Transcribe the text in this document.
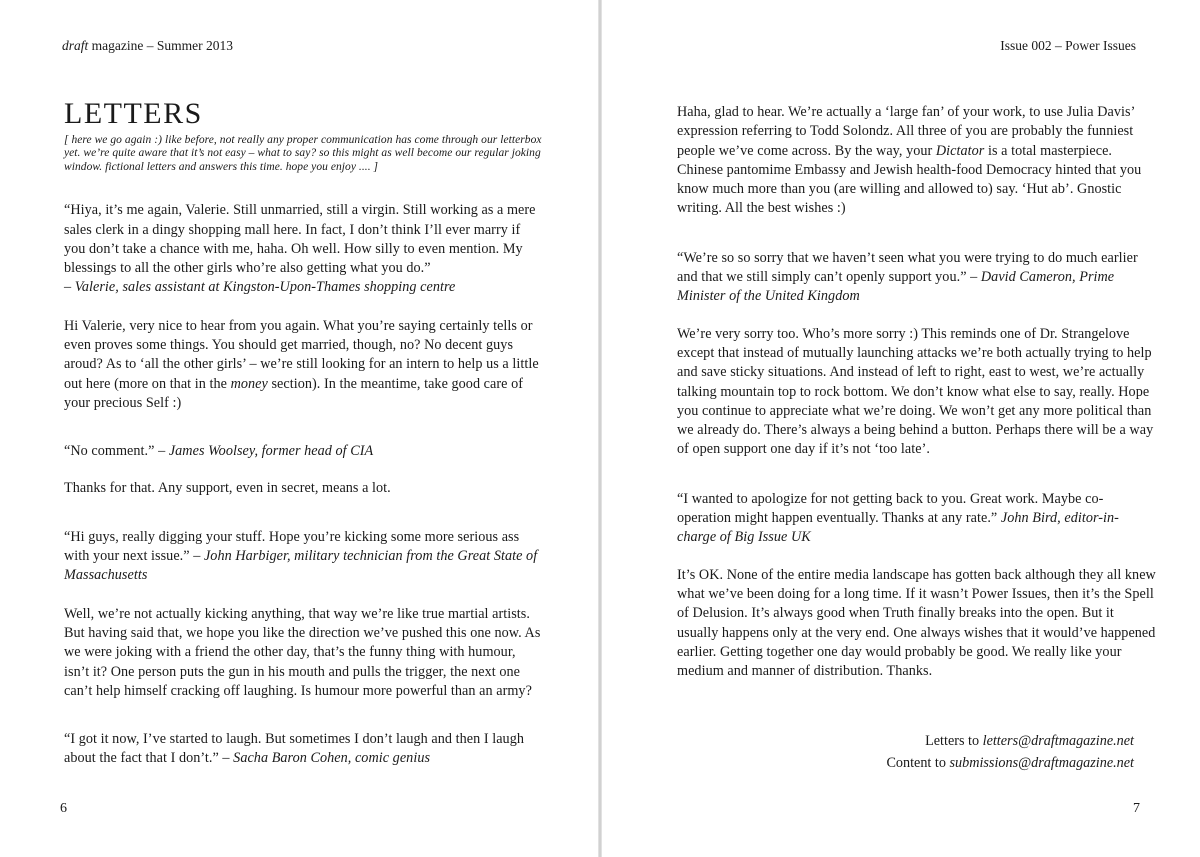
draft magazine – Summer 2013
LETTERS

[ here we go again :) like before, not really any proper communication has come through our letterbox yet. we’re quite aware that it’s not easy – what to say? so this might as well become our regular joking window. fictional letters and answers this time. hope you enjoy .... ]

“Hiya, it’s me again, Valerie. Still unmarried, still a virgin. Still working as a mere sales clerk in a dingy shopping mall here. In fact, I don’t think I’ll ever marry if you don’t take a chance with me, haha. Oh well. How silly to even mention. My blessings to all the other girls who’re also getting what you do.”
– Valerie, sales assistant at Kingston-Upon-Thames shopping centre

Hi Valerie, very nice to hear from you again. What you’re saying certainly tells or even proves some things. You should get married, though, no? No decent guys aroud? As to ‘all the other girls’ – we’re still looking for an intern to help us a little out here (more on that in the money section). In the meantime, take good care of your precious Self :)

“No comment.” – James Woolsey, former head of CIA

Thanks for that. Any support, even in secret, means a lot.

“Hi guys, really digging your stuff. Hope you’re kicking some more serious ass with your next issue.” – John Harbiger, military technician from the Great State of Massachusetts

Well, we’re not actually kicking anything, that way we’re like true martial artists. But having said that, we hope you like the direction we’ve pushed this one now. As we were joking with a friend the other day, that’s the funny thing with humour, isn’t it? One person puts the gun in his mouth and pulls the trigger, the next one can’t help himself cracking off laughing. Is humour more powerful than an army?

“I got it now, I’ve started to laugh. But sometimes I don’t laugh and then I laugh about the fact that I don’t.” – Sacha Baron Cohen, comic genius

6
Issue 002 – Power Issues

Haha, glad to hear. We’re actually a ‘large fan’ of your work, to use Julia Davis’ expression referring to Todd Solondz. All three of you are probably the funniest people we’ve come across. By the way, your Dictator is a total masterpiece. Chinese pantomime Embassy and Jewish health-food Democracy hinted that you know much more than you (are willing and allowed to) say. ‘Hut ab’. Gnostic writing. All the best wishes :)

“We’re so so sorry that we haven’t seen what you were trying to do much earlier and that we still simply can’t openly support you.” – David Cameron, Prime Minister of the United Kingdom

We’re very sorry too. Who’s more sorry :) This reminds one of Dr. Strangelove except that instead of mutually launching attacks we’re both actually trying to help and save sticky situations. And instead of left to right, east to west, we’re actually talking mountain top to rock bottom. We don’t know what else to say, really. Hope you continue to appreciate what we’re doing. We won’t get any more political than we already do. There’s always a being behind a button. Perhaps there will be a way of open support one day if it’s not ‘too late’.

“I wanted to apologize for not getting back to you. Great work. Maybe co-operation might happen eventually. Thanks at any rate.” John Bird, editor-in-charge of Big Issue UK

It’s OK. None of the entire media landscape has gotten back although they all knew what we’ve been doing for a long time. If it wasn’t Power Issues, then it’s the Spell of Delusion. It’s always good when Truth finally breaks into the open. But it usually happens only at the very end. One always wishes that it would’ve happened earlier. Getting together one day would probably be good. We really like your medium and manner of distribution. Thanks.

Letters to letters@draftmagazine.net
Content to submissions@draftmagazine.net
7
